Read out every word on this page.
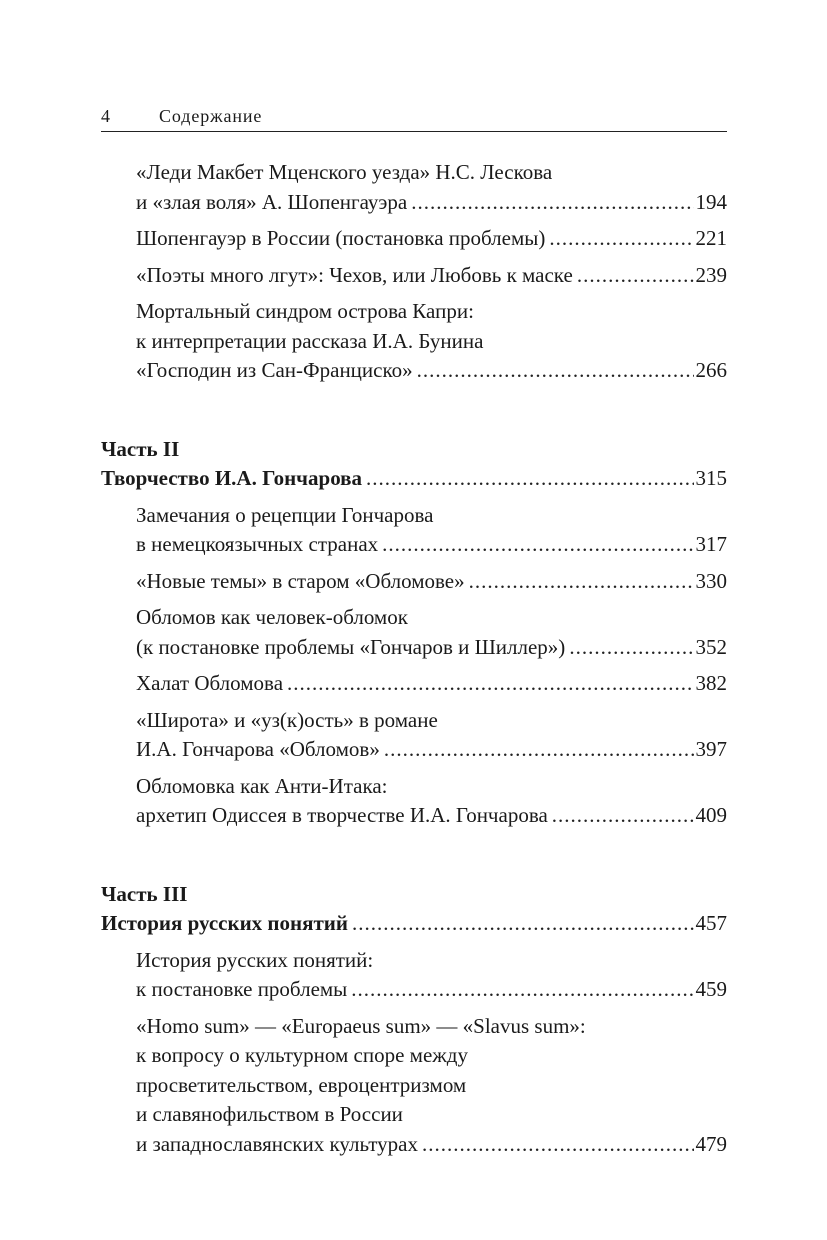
4	Содержание
«Леди Макбет Мценского уезда» Н.С. Лескова
и «злая воля» А. Шопенгауэра .....	194
Шопенгауэр в России (постановка проблемы) .....	221
«Поэты много лгут»: Чехов, или Любовь к маске .....	239
Мортальный синдром острова Капри:
к интерпретации рассказа И.А. Бунина
«Господин из Сан-Франциско» .....	266
Часть II
Творчество И.А. Гончарова .....	315
Замечания о рецепции Гончарова
в немецкоязычных странах .....	317
«Новые темы» в старом «Обломове» .....	330
Обломов как человек-обломок
(к постановке проблемы «Гончаров и Шиллер») .....	352
Халат Обломова .....	382
«Широта» и «уз(к)ость» в романе
И.А. Гончарова «Обломов» .....	397
Обломовка как Анти-Итака:
архетип Одиссея в творчестве И.А. Гончарова .....	409
Часть III
История русских понятий .....	457
История русских понятий:
к постановке проблемы .....	459
«Homo sum» — «Europaeus sum» — «Slavus sum»:
к вопросу о культурном споре между
просветительством, евроцентризмом
и славянофильством в России
и западнославянских культурах .....	479
